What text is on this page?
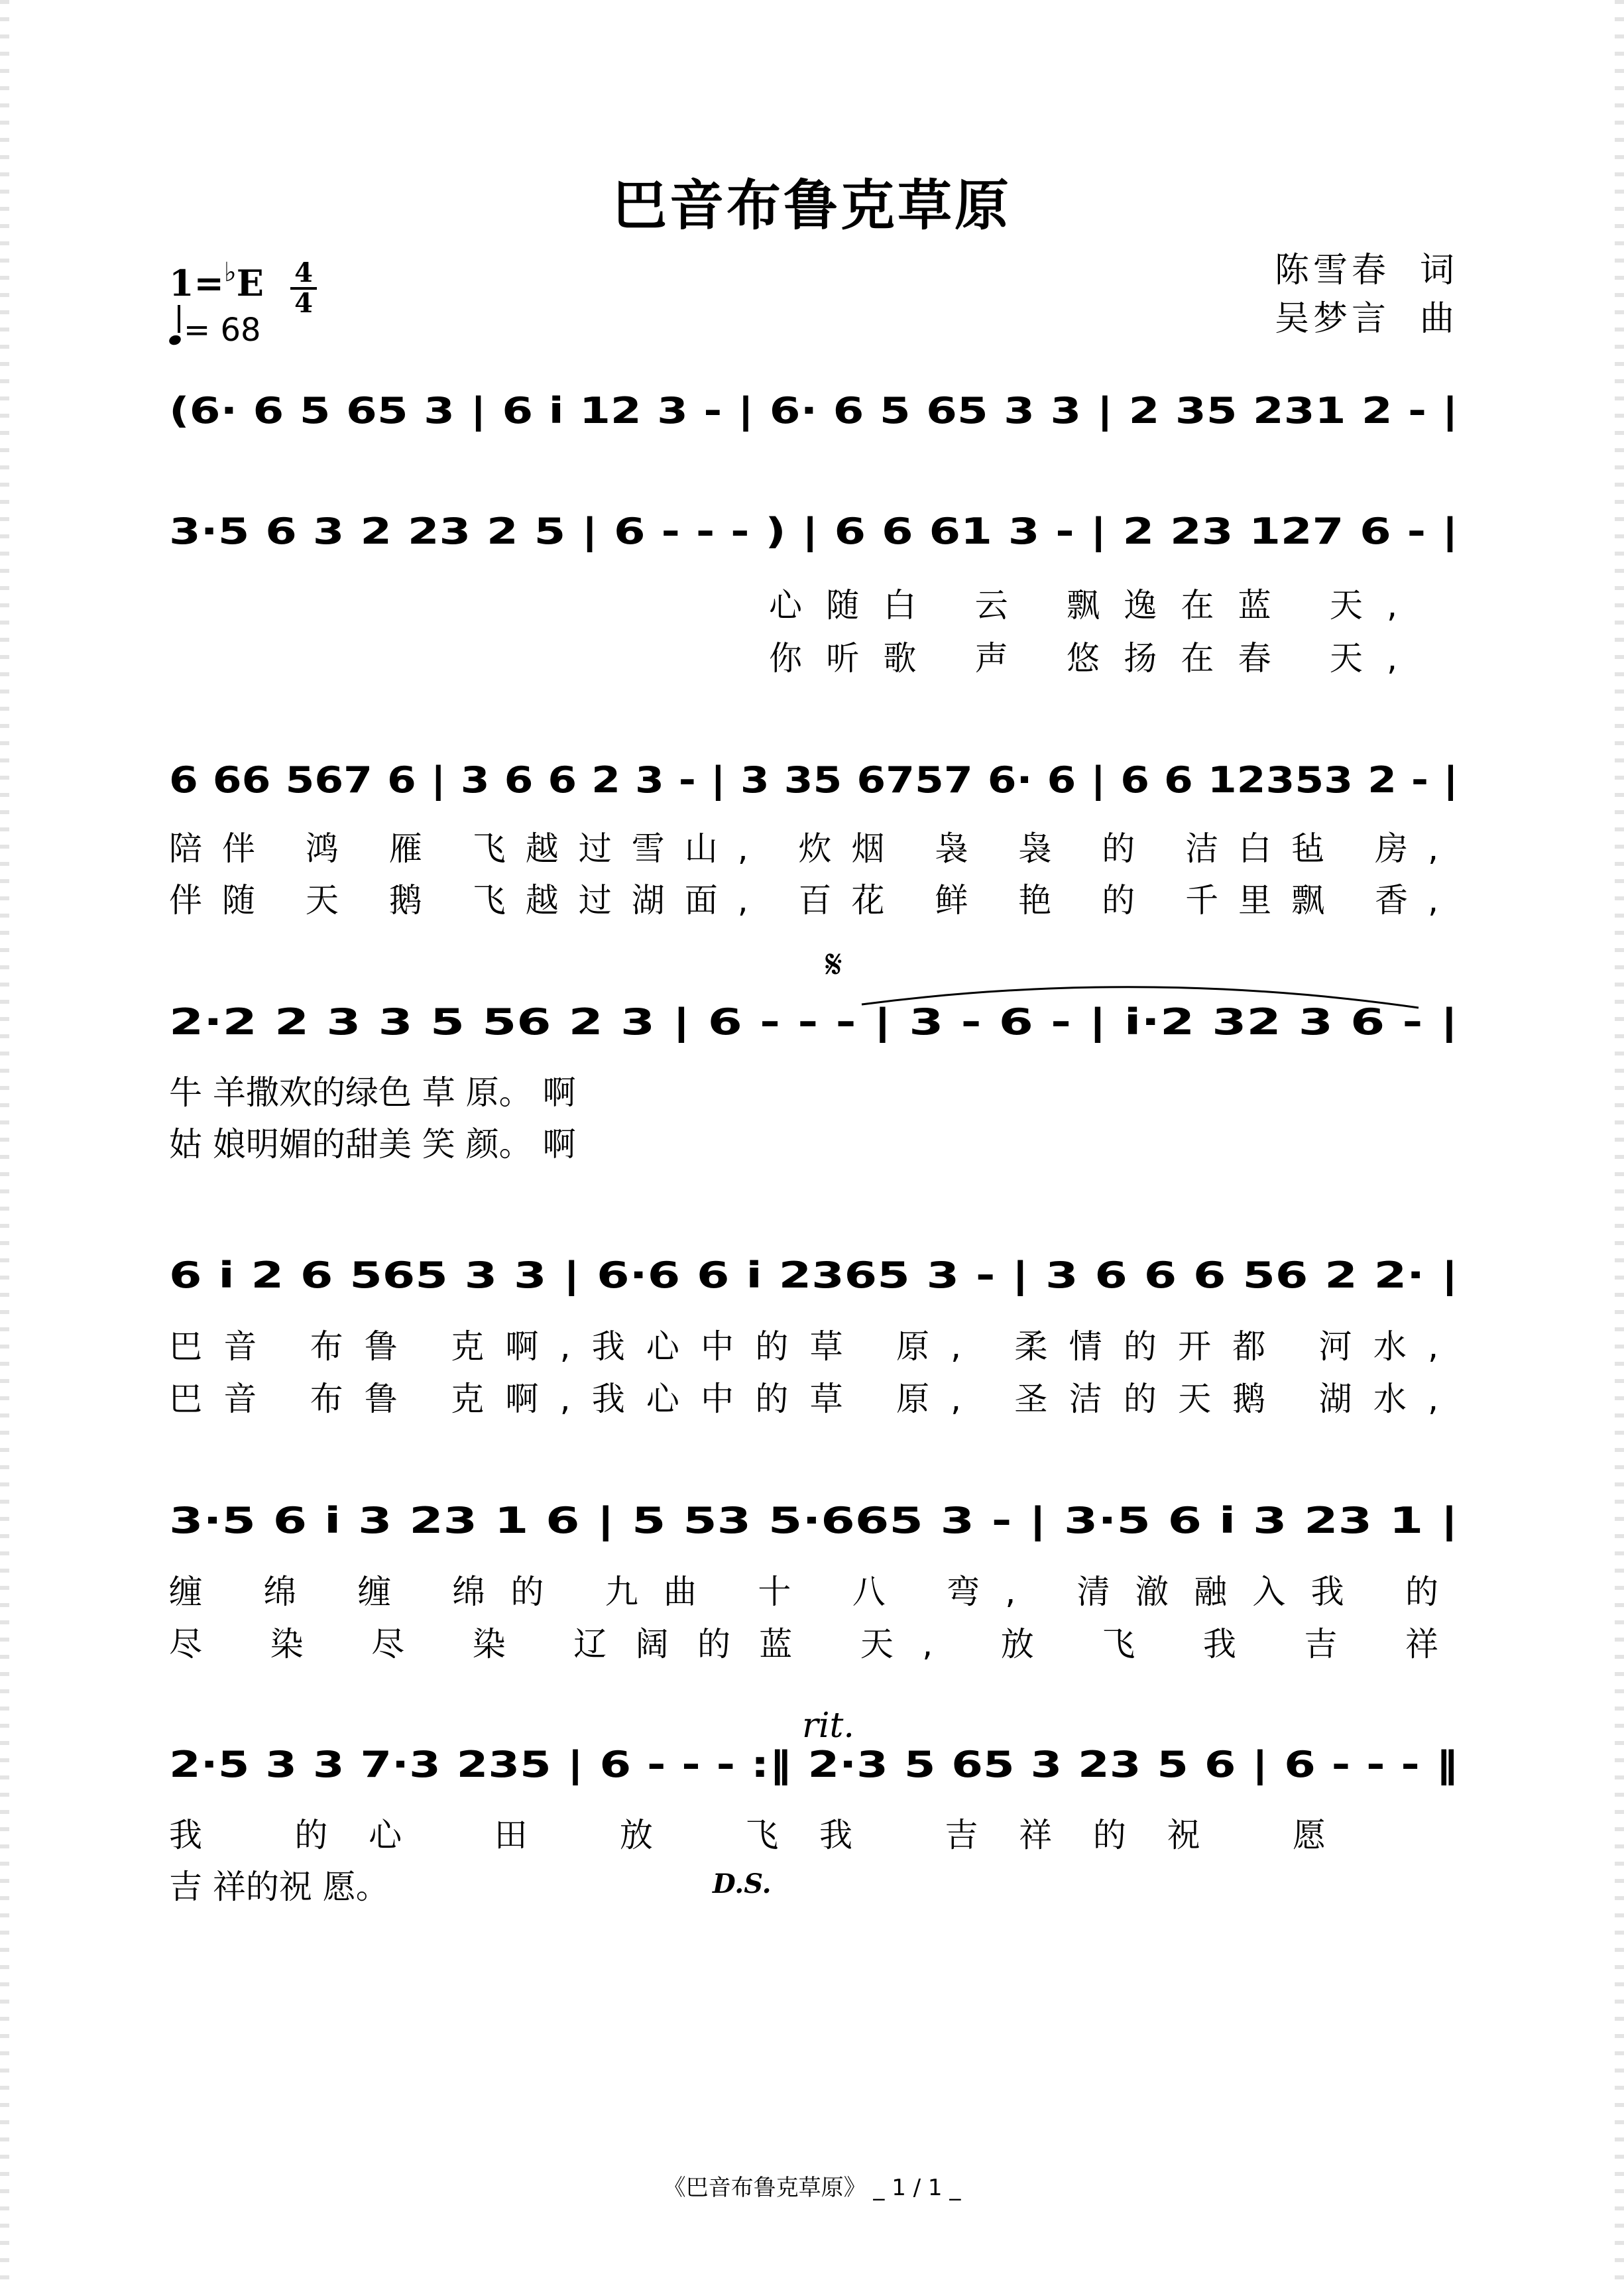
巴音布鲁克草原
1=♭E 4
4
= 68
陈雪春  词
吴梦言  曲
(6· 6 5 65 3 | 6 i 12 3 - | 6· 6 5 65 3 3 | 2 35 231 2 - |
3·5 6 3 2 23 2 5 | 6 - - - ) | 6 6 61 3 - | 2 23 127 6 - |
心随白 云 飘逸在蓝 天,
你听歌 声 悠扬在春 天,
6 66 567 6 | 3 6 6 2 3 - | 3 35 6757 6· 6 | 6 6 12353 2 - |
陪伴 鸿 雁 飞越过雪山, 炊烟 袅 袅 的 洁白毡 房,
伴随 天 鹅 飞越过湖面, 百花 鲜 艳 的 千里飘 香,
𝄋
2·2 2 3 3 5 56 2 3 | 6 - - - | 3 - 6 - | i·2 32 3 6 - |
牛 羊撒欢的绿色 草 原。 啊
姑 娘明媚的甜美 笑 颜。 啊
6 i 2 6 565 3 3 | 6·6 6 i 2365 3 - | 3 6 6 6 56 2 2· |
巴音 布鲁 克啊,我心中的草 原, 柔情的开都 河水,
巴音 布鲁 克啊,我心中的草 原, 圣洁的天鹅 湖水,
3·5 6 i 3 23 1 6 | 5 53 5·665 3 - | 3·5 6 i 3 23 1 |
缠 绵 缠 绵的 九曲 十 八 弯, 清澈融入我 的
尽 染 尽 染 辽阔的蓝 天, 放 飞 我 吉 祥
rit.
2·5 3 3 7·3 235 | 6 - - - :‖ 2·3 5 65 3 23 5 6 | 6 - - - ‖
我 的心 田 放 飞我 吉祥的祝 愿
吉 祥的祝 愿。	D.S.
《巴音布鲁克草原》 _ 1 / 1 _
